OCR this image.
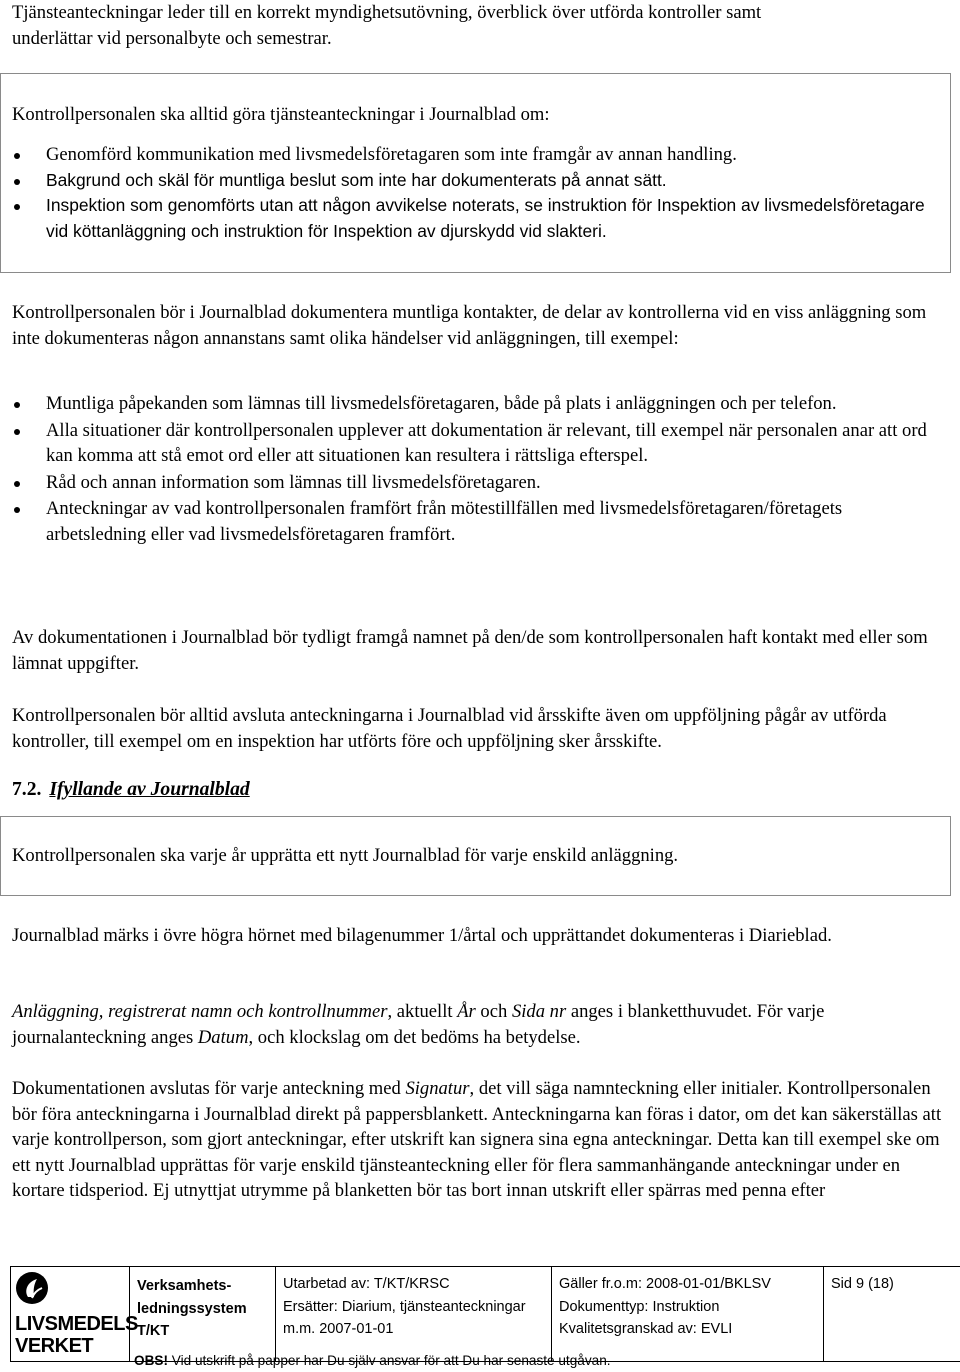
Tjänsteanteckningar leder till en korrekt myndighetsutövning, överblick över utförda kontroller samt
underlättar vid personalbyte och semestrar.
Kontrollpersonalen ska alltid göra tjänsteanteckningar i Journalblad om:
Genomförd kommunikation med livsmedelsföretagaren som inte framgår av annan handling.
Bakgrund och skäl för muntliga beslut som inte har dokumenterats på annat sätt.
Inspektion som genomförts utan att någon avvikelse noterats, se instruktion för Inspektion av livsmedelsföretagare vid köttanläggning och instruktion för Inspektion av djurskydd vid slakteri.
Kontrollpersonalen bör i Journalblad dokumentera muntliga kontakter, de delar av kontrollerna vid en viss anläggning som inte dokumenteras någon annanstans samt olika händelser vid anläggningen, till exempel:
Muntliga påpekanden som lämnas till livsmedelsföretagaren, både på plats i anläggningen och per telefon.
Alla situationer där kontrollpersonalen upplever att dokumentation är relevant, till exempel när personalen anar att ord kan komma att stå emot ord eller att situationen kan resultera i rättsliga efterspel.
Råd och annan information som lämnas till livsmedelsföretagaren.
Anteckningar av vad kontrollpersonalen framfört från mötestillfällen med livsmedelsföretagaren/företagets arbetsledning eller vad livsmedelsföretagaren framfört.
Av dokumentationen i Journalblad bör tydligt framgå namnet på den/de som kontrollpersonalen haft kontakt med eller som lämnat uppgifter.
Kontrollpersonalen bör alltid avsluta anteckningarna i Journalblad vid årsskifte även om uppföljning pågår av utförda kontroller, till exempel om en inspektion har utförts före och uppföljning sker årsskifte.
7.2. Ifyllande av Journalblad
Kontrollpersonalen ska varje år upprätta ett nytt Journalblad för varje enskild anläggning.
Journalblad märks i övre högra hörnet med bilagenummer 1/årtal och upprättandet dokumenteras i Diarieblad.
Anläggning, registrerat namn och kontrollnummer, aktuellt År och Sida nr anges i blanketthuvudet. För varje journalanteckning anges Datum, och klockslag om det bedöms ha betydelse.
Dokumentationen avslutas för varje anteckning med Signatur, det vill säga namnteckning eller initialer. Kontrollpersonalen bör föra anteckningarna i Journalblad direkt på pappersblankett. Anteckningarna kan föras i dator, om det kan säkerställas att varje kontrollperson, som gjort anteckningar, efter utskrift kan signera sina egna anteckningar. Detta kan till exempel ske om ett nytt Journalblad upprättas för varje enskild tjänsteanteckning eller för flera sammanhängande anteckningar under en kortare tidsperiod. Ej utnyttjat utrymme på blanketten bör tas bort innan utskrift eller spärras med penna efter
LIVSMEDELS
VERKET

Verksamhets-
ledningssystem
T/KT

Utarbetad av: T/KT/KRSC
Ersätter: Diarium, tjänsteanteckningar
m.m. 2007-01-01

Gäller fr.o.m: 2008-01-01/BKLSV
Dokumenttyp: Instruktion
Kvalitetsgranskad av: EVLI

Sid 9 (18)
OBS! Vid utskrift på papper har Du själv ansvar för att Du har senaste utgåvan.
